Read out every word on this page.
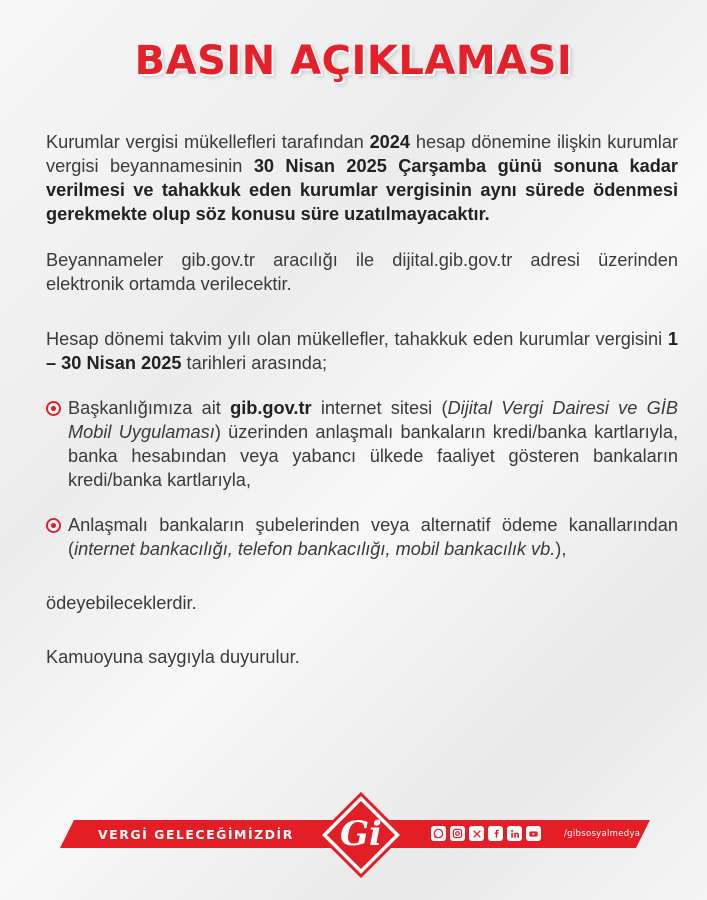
BASIN AÇIKLAMASI

Kurumlar vergisi mükellefleri tarafından 2024 hesap dönemine ilişkin kurumlar vergisi beyannamesinin 30 Nisan 2025 Çarşamba günü sonuna kadar verilmesi ve tahakkuk eden kurumlar vergisinin aynı sürede ödenmesi gerekmekte olup söz konusu süre uzatılmayacaktır.

Beyannameler gib.gov.tr aracılığı ile dijital.gib.gov.tr adresi üzerinden elektronik ortamda verilecektir.

Hesap dönemi takvim yılı olan mükellefler, tahakkuk eden kurumlar vergisini 1 – 30 Nisan 2025 tarihleri arasında;

Başkanlığımıza ait gib.gov.tr internet sitesi (Dijital Vergi Dairesi ve GİB Mobil Uygulaması) üzerinden anlaşmalı bankaların kredi/banka kartlarıyla, banka hesabından veya yabancı ülkede faaliyet gösteren bankaların kredi/banka kartlarıyla,
Anlaşmalı bankaların şubelerinden veya alternatif ödeme kanallarından (internet bankacılığı, telefon bankacılığı, mobil bankacılık vb.),

ödeyebileceklerdir.

Kamuoyuna saygıyla duyurulur.

VERGİ GELECEĞİMİZDİR	Gi	/gibsosyalmedya
